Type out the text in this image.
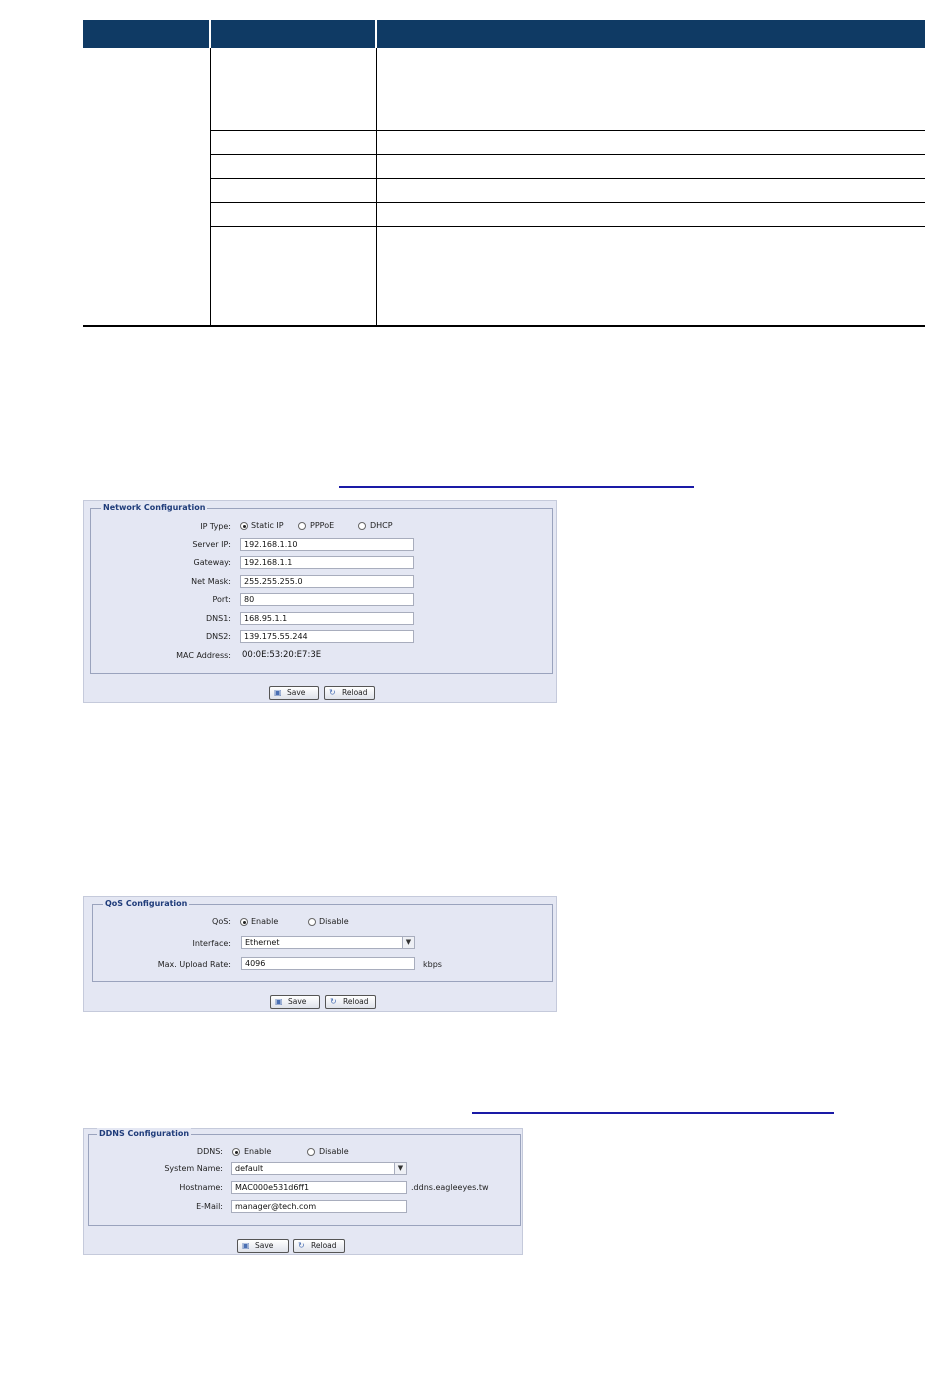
Network Configuration
IP Type:	Static IP	PPPoE	DHCP
Server IP:	192.168.1.10
Gateway:	192.168.1.1
Net Mask:	255.255.255.0
Port:	80
DNS1:	168.95.1.1
DNS2:	139.175.55.244
MAC Address: 00:0E:53:20:E7:3E
▣ Save	↻ Reload
QoS Configuration
QoS:	Enable	Disable
Interface:	Ethernet	▼
Max. Upload Rate:	4096	kbps
▣ Save	↻ Reload
DDNS Configuration
DDNS:	Enable	Disable
System Name:	default	▼
Hostname:	MAC000e531d6ff1	.ddns.eagleeyes.tw
E-Mail:	manager@tech.com
▣ Save	↻ Reload
